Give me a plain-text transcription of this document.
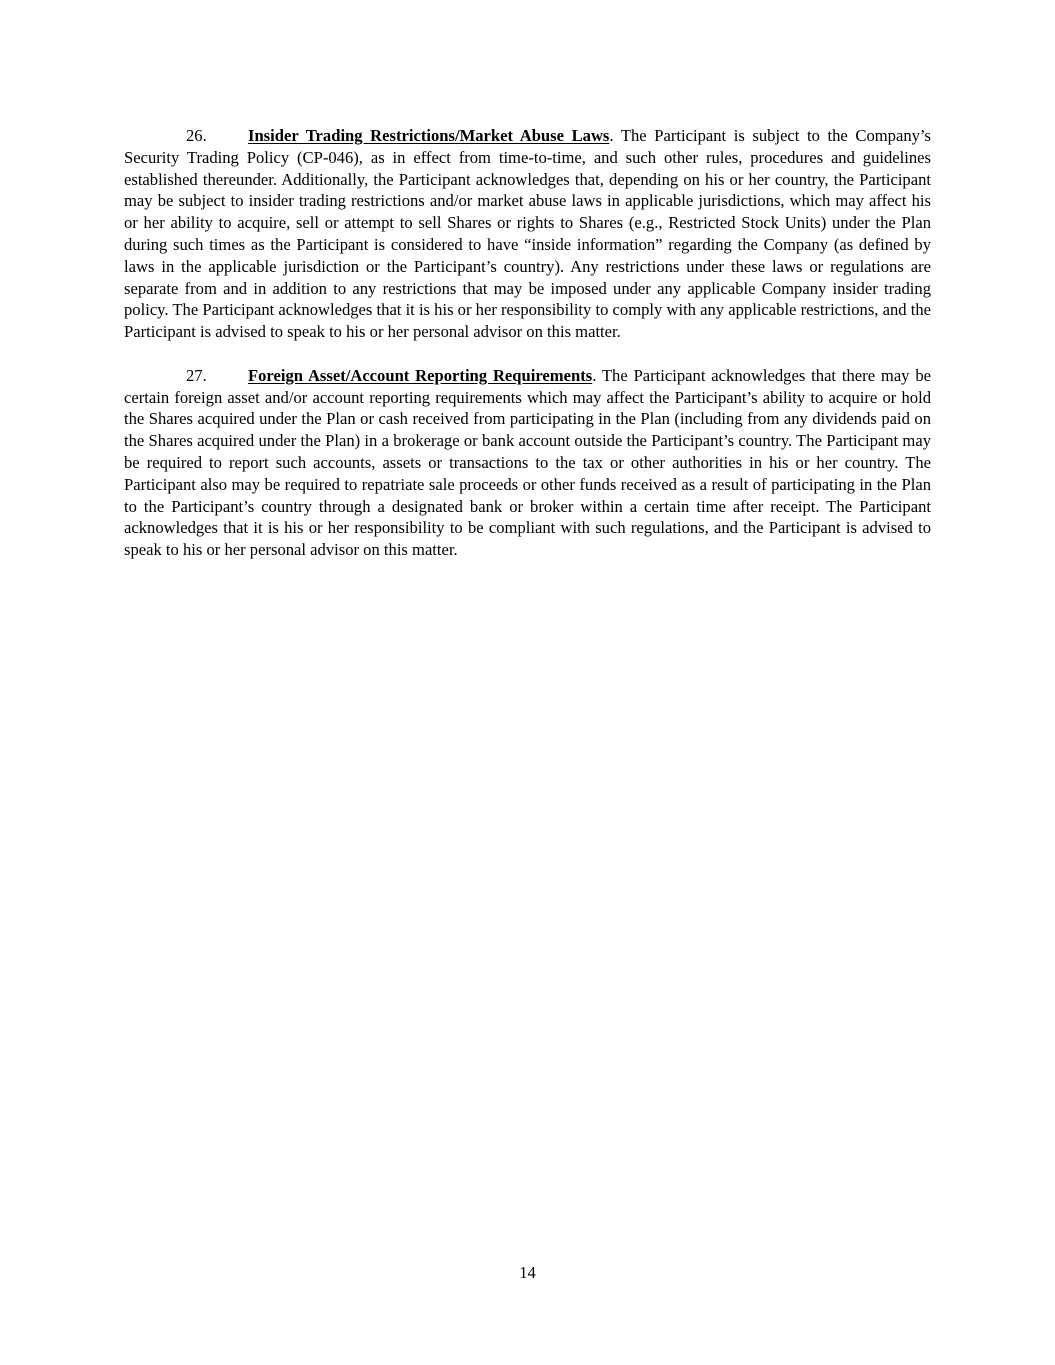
26. Insider Trading Restrictions/Market Abuse Laws. The Participant is subject to the Company’s Security Trading Policy (CP-046), as in effect from time-to-time, and such other rules, procedures and guidelines established thereunder. Additionally, the Participant acknowledges that, depending on his or her country, the Participant may be subject to insider trading restrictions and/or market abuse laws in applicable jurisdictions, which may affect his or her ability to acquire, sell or attempt to sell Shares or rights to Shares (e.g., Restricted Stock Units) under the Plan during such times as the Participant is considered to have “inside information” regarding the Company (as defined by laws in the applicable jurisdiction or the Participant’s country). Any restrictions under these laws or regulations are separate from and in addition to any restrictions that may be imposed under any applicable Company insider trading policy. The Participant acknowledges that it is his or her responsibility to comply with any applicable restrictions, and the Participant is advised to speak to his or her personal advisor on this matter.

27. Foreign Asset/Account Reporting Requirements. The Participant acknowledges that there may be certain foreign asset and/or account reporting requirements which may affect the Participant’s ability to acquire or hold the Shares acquired under the Plan or cash received from participating in the Plan (including from any dividends paid on the Shares acquired under the Plan) in a brokerage or bank account outside the Participant’s country. The Participant may be required to report such accounts, assets or transactions to the tax or other authorities in his or her country. The Participant also may be required to repatriate sale proceeds or other funds received as a result of participating in the Plan to the Participant’s country through a designated bank or broker within a certain time after receipt. The Participant acknowledges that it is his or her responsibility to be compliant with such regulations, and the Participant is advised to speak to his or her personal advisor on this matter.

14
